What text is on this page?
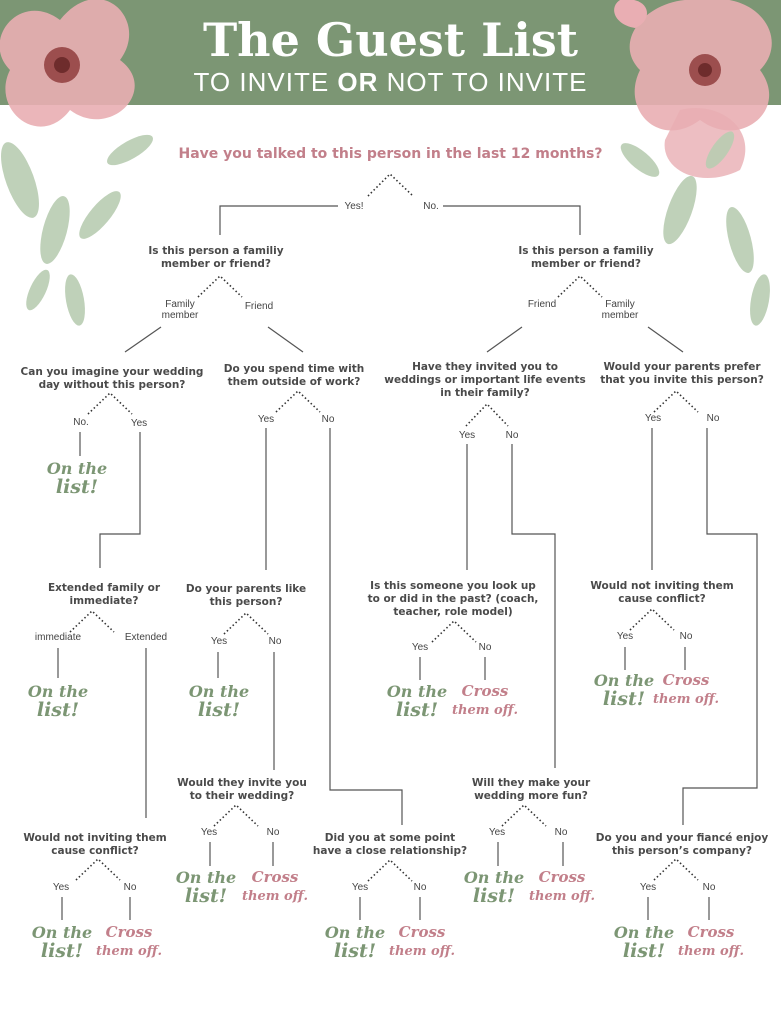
The Guest List
TO INVITE OR NOT TO INVITE
Have you talked to this person in the last 12 months?
Is this person a familiy member or friend?
Is this person a familiy member or friend?
Can you imagine your wedding day without this person?
Do you spend time with them outside of work?
Have they invited you to weddings or important life events in their family?
Would your parents prefer that you invite this person?
Extended family or immediate?
Do your parents like this person?
Is this someone you look up to or did in the past? (coach, teacher, role model)
Would not inviting them cause conflict?
Would they invite you to their wedding?
Will they make your wedding more fun?
Would not inviting them cause conflict?
Did you at some point have a close relationship?
Do you and your fiancé enjoy this person’s company?
Yes!	No.
Family member
Friend	Friend	Family member
No.	Yes	Yes	No
Yes	No
Yes	No
immediate	Extended	Yes	No
Yes	No
Yes	No
Yes	No	Yes	No
Yes	No	Yes	No	Yes	No
On the
list!
On the
list!
On the
list!
On the
list!
On the
list!
On the
list!
On the
list!
On the
list!
On the
list!
On the
list!
Cross
them off.
Cross
them off.
Cross
them off.
Cross
them off.
Cross
them off.
Cross
them off.
Cross
them off.
